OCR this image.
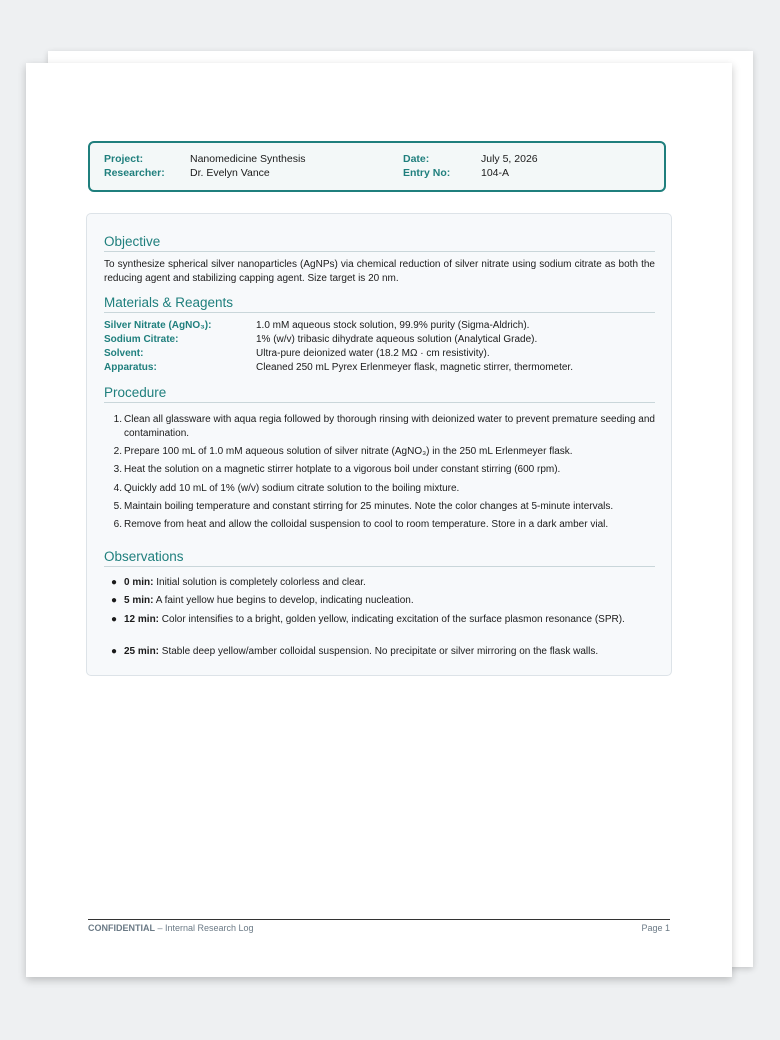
Project:	Nanomedicine Synthesis	Date:	July 5, 2026
Researcher: Dr. Evelyn Vance	Entry No:	104-A
Objective
To synthesize spherical silver nanoparticles (AgNPs) via chemical reduction of silver nitrate using sodium citrate as both the reducing agent and stabilizing capping agent. Size target is 20 nm.
Materials & Reagents
Silver Nitrate (AgNO₃):	1.0 mM aqueous stock solution, 99.9% purity (Sigma-Aldrich).
Sodium Citrate:	1% (w/v) tribasic dihydrate aqueous solution (Analytical Grade).
Solvent:	Ultra-pure deionized water (18.2 MΩ · cm resistivity).
Apparatus:	Cleaned 250 mL Pyrex Erlenmeyer flask, magnetic stirrer, thermometer.
Procedure
1. Clean all glassware with aqua regia followed by thorough rinsing with deionized water to prevent premature seeding and contamination.
2. Prepare 100 mL of 1.0 mM aqueous solution of silver nitrate (AgNO₃) in the 250 mL Erlenmeyer flask.
3. Heat the solution on a magnetic stirrer hotplate to a vigorous boil under constant stirring (600 rpm).
4. Quickly add 10 mL of 1% (w/v) sodium citrate solution to the boiling mixture.
5. Maintain boiling temperature and constant stirring for 25 minutes. Note the color changes at 5-minute intervals.
6. Remove from heat and allow the colloidal suspension to cool to room temperature. Store in a dark amber vial.
Observations
● 0 min: Initial solution is completely colorless and clear.
● 5 min: A faint yellow hue begins to develop, indicating nucleation.
● 12 min: Color intensifies to a bright, golden yellow, indicating excitation of the surface plasmon resonance (SPR).
● 25 min: Stable deep yellow/amber colloidal suspension. No precipitate or silver mirroring on the flask walls.
CONFIDENTIAL – Internal Research Log	Page 1
